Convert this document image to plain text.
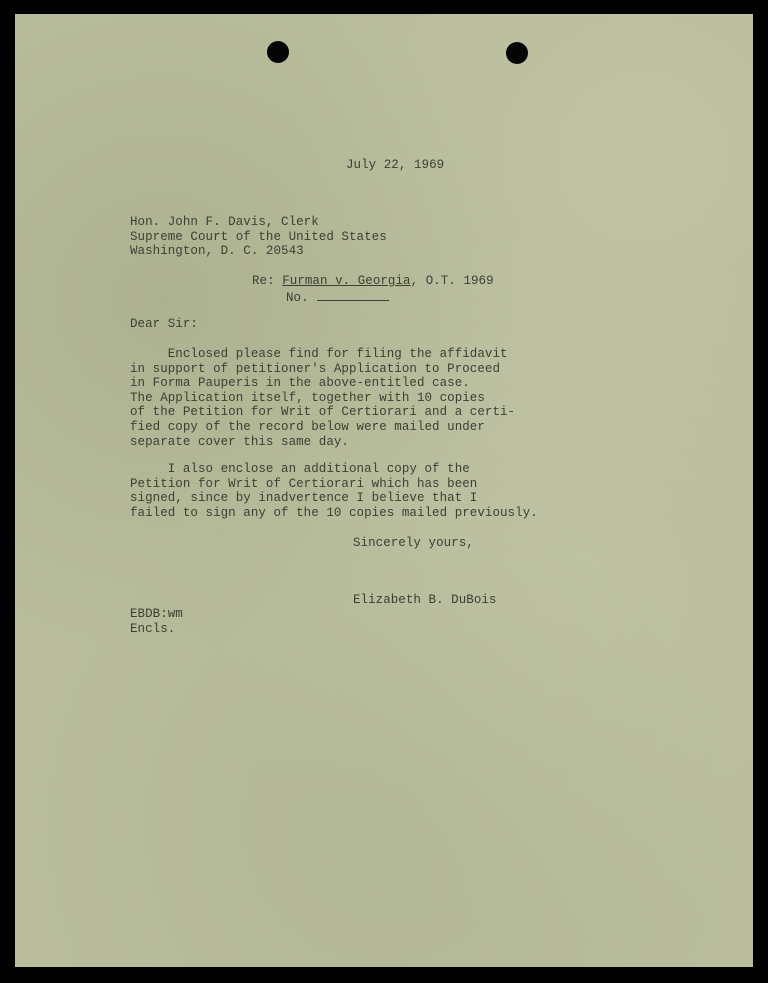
July 22, 1969
Hon. John F. Davis, Clerk
Supreme Court of the United States
Washington, D. C. 20543
Re: Furman v. Georgia, O.T. 1969
No.
Dear Sir:
Enclosed please find for filing the affidavit
in support of petitioner's Application to Proceed
in Forma Pauperis in the above-entitled case.
The Application itself, together with 10 copies
of the Petition for Writ of Certiorari and a certi-
fied copy of the record below were mailed under
separate cover this same day.
I also enclose an additional copy of the
Petition for Writ of Certiorari which has been
signed, since by inadvertence I believe that I
failed to sign any of the 10 copies mailed previously.
Sincerely yours,
Elizabeth B. DuBois
EBDB:wm
Encls.
